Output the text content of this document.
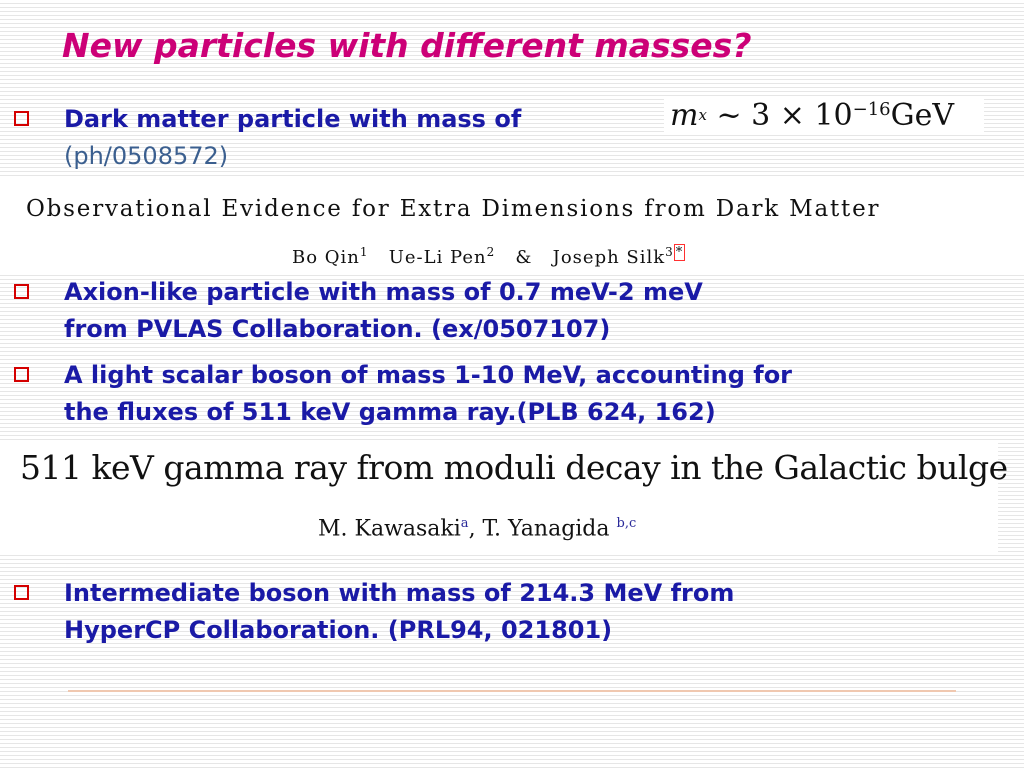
New particles with different masses?
Dark matter particle with mass of
(ph/0508572)
m x
~ $3 \times 10^{-16}$ GeV
Observational Evidence for Extra Dimensions from Dark Matter
Bo Qin$^1$ Ue-Li Pen$^2$ & Joseph Silk$^3$ *
Axion-like particle with mass of 0.7 meV-2 meV
from PVLAS Collaboration. (ex/0507107)
A light scalar boson of mass 1-10 MeV, accounting for
the fluxes of 511 keV gamma ray.(PLB 624, 162)
511 keV gamma ray from moduli decay in the Galactic bulge
M. Kawasaki$^a$, T. Yanagida $^{b,c}$
Intermediate boson with mass of 214.3 MeV from
HyperCP Collaboration. (PRL94, 021801)
